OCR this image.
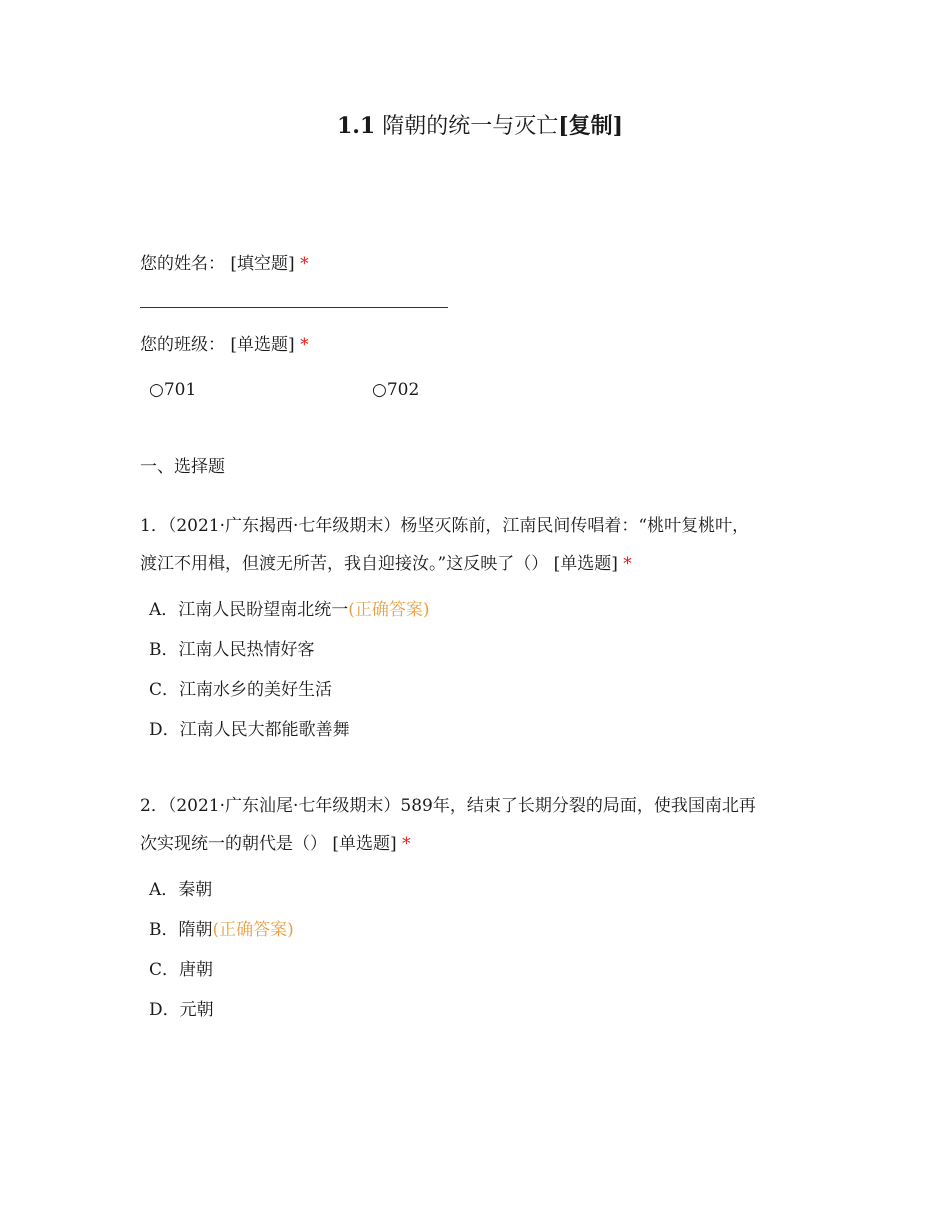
1.1 隋朝的统一与灭亡[复制]

您的姓名： [填空题] *

您的班级： [单选题] *

○701	○702

一、选择题

1．（2021·广东揭西·七年级期末）杨坚灭陈前，江南民间传唱着：“桃叶复桃叶，

渡江不用楫，但渡无所苦，我自迎接汝。”这反映了（） [单选题] *

A．江南人民盼望南北统一(正确答案)

B．江南人民热情好客

C．江南水乡的美好生活

D．江南人民大都能歌善舞

2．（2021·广东汕尾·七年级期末）589年，结束了长期分裂的局面，使我国南北再

次实现统一的朝代是（） [单选题] *

A．秦朝

B．隋朝(正确答案)

C．唐朝

D．元朝
